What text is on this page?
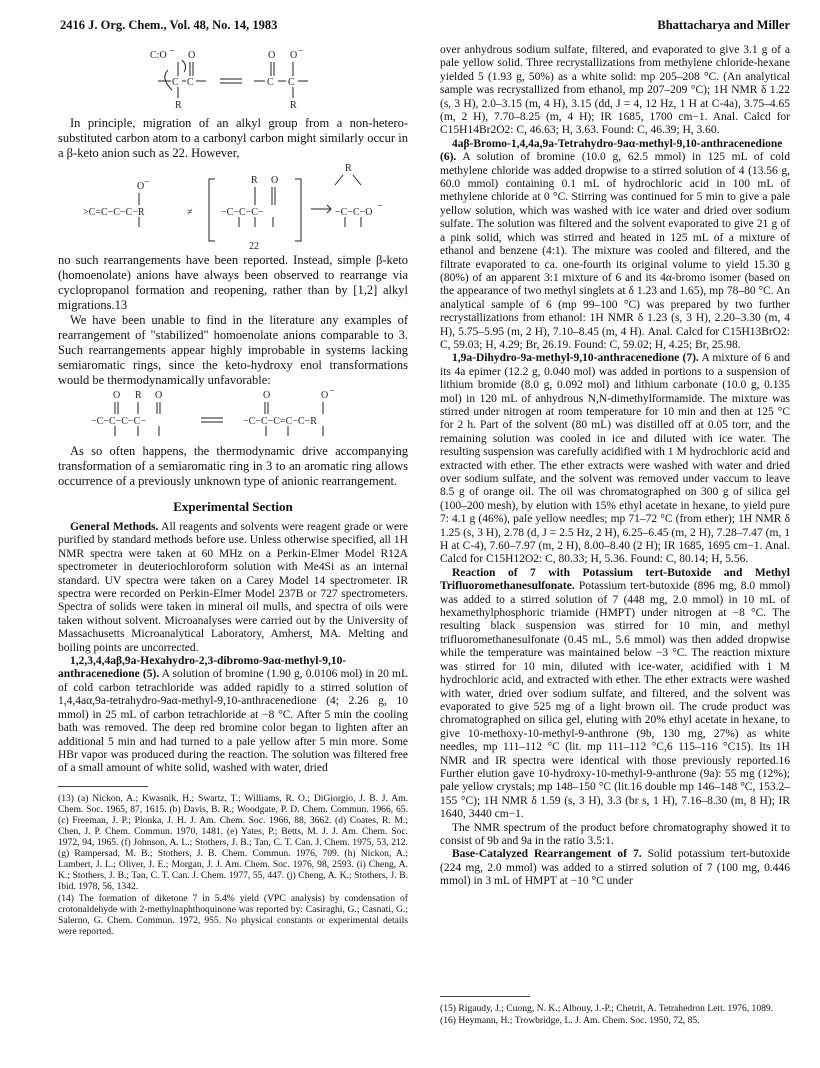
2416 J. Org. Chem., Vol. 48, No. 14, 1983	Bhattacharya and Miller
C:O − O
C C
R
O O −
C C
R

In principle, migration of an alkyl group from a non-hetero-substituted carbon atom to a carbonyl carbon might similarly occur in a β-keto anion such as 22. However,

R
O −
>C=C−C−C−R	≠
R O
−C−C−C−	−C−C−O
−
22

no such rearrangements have been reported. Instead, simple β-keto (homoenolate) anions have always been observed to rearrange via cyclopropanol formation and reopening, rather than by [1,2] alkyl migrations.13

We have been unable to find in the literature any examples of rearrangement of "stabilized" homoenolate anions comparable to 3. Such rearrangements appear highly improbable in systems lacking semiaromatic rings, since the keto-hydroxy enol transformations would be thermodynamically unfavorable:

O R O
−C−C−C−C−
O	O −
−C−C−C=C−C−R

As so often happens, the thermodynamic drive accompanying transformation of a semiaromatic ring in 3 to an aromatic ring allows occurrence of a previously unknown type of anionic rearrangement.

Experimental Section

General Methods. All reagents and solvents were reagent grade or were purified by standard methods before use. Unless otherwise specified, all 1H NMR spectra were taken at 60 MHz on a Perkin-Elmer Model R12A spectrometer in deuteriochloroform solution with Me4Si as an internal standard. UV spectra were taken on a Carey Model 14 spectrometer. IR spectra were recorded on Perkin-Elmer Model 237B or 727 spectrometers. Spectra of solids were taken in mineral oil mulls, and spectra of oils were taken without solvent. Microanalyses were carried out by the University of Massachusetts Microanalytical Laboratory, Amherst, MA. Melting and boiling points are uncorrected.

1,2,3,4,4aβ,9a-Hexahydro-2,3-dibromo-9aα-methyl-9,10-anthracenedione (5). A solution of bromine (1.90 g, 0.0106 mol) in 20 mL of cold carbon tetrachloride was added rapidly to a stirred solution of 1,4,4aα,9a-tetrahydro-9aα-methyl-9,10-anthracenedione (4; 2.26 g, 10 mmol) in 25 mL of carbon tetrachloride at −8 °C. After 5 min the cooling bath was removed. The deep red bromine color began to lighten after an additional 5 min and had turned to a pale yellow after 5 min more. Some HBr vapor was produced during the reaction. The solution was filtered free of a small amount of white solid, washed with water, dried

(13) (a) Nickon, A.; Kwasnik, H.; Swartz, T.; Williams, R. O.; DiGiorgio, J. B. J. Am. Chem. Soc. 1965, 87, 1615. (b) Davis, B. R.; Woodgate, P. D. Chem. Commun. 1966, 65. (c) Freeman, J. P.; Plonka, J. H. J. Am. Chem. Soc. 1966, 88, 3662. (d) Coates, R. M.; Chen, J. P. Chem. Commun. 1970, 1481. (e) Yates, P.; Betts, M. J. J. Am. Chem. Soc. 1972, 94, 1965. (f) Johnson, A. L.; Stothers, J. B.; Tan, C. T. Can. J. Chem. 1975, 53, 212. (g) Rampersad, M. B.; Stothers, J. B. Chem. Commun. 1976, 709. (h) Nickon, A.; Lambert, J. L.; Oliver, J. E.; Morgan, J. J. Am. Chem. Soc. 1976, 98, 2593. (i) Cheng, A. K.; Stothers, J. B.; Tan, C. T. Can. J. Chem. 1977, 55, 447. (j) Cheng, A. K.; Stothers, J. B. Ibid. 1978, 56, 1342.

(14) The formation of diketone 7 in 5.4% yield (VPC analysis) by condensation of crotonaldehyde with 2-methylnaphthoquinone was reported by: Casiraghi, G.; Casnati, G.; Salerno, G. Chem. Commun. 1972, 955. No physical constants or experimental details were reported.

over anhydrous sodium sulfate, filtered, and evaporated to give 3.1 g of a pale yellow solid. Three recrystallizations from methylene chloride-hexane yielded 5 (1.93 g, 50%) as a white solid: mp 205–208 °C. (An analytical sample was recrystallized from ethanol, mp 207–209 °C); 1H NMR δ 1.22 (s, 3 H), 2.0–3.15 (m, 4 H), 3.15 (dd, J = 4, 12 Hz, 1 H at C-4a), 3.75–4.65 (m, 2 H), 7.70–8.25 (m, 4 H); IR 1685, 1700 cm−1. Anal. Calcd for C15H14Br2O2: C, 46.63; H, 3.63. Found: C, 46.39; H, 3.60.

4aβ-Bromo-1,4,4a,9a-Tetrahydro-9aα-methyl-9,10-anthracenedione (6). A solution of bromine (10.0 g, 62.5 mmol) in 125 mL of cold methylene chloride was added dropwise to a stirred solution of 4 (13.56 g, 60.0 mmol) containing 0.1 mL of hydrochloric acid in 100 mL of methylene chloride at 0 °C. Stirring was continued for 5 min to give a pale yellow solution, which was washed with ice water and dried over sodium sulfate. The solution was filtered and the solvent evaporated to give 21 g of a pink solid, which was stirred and heated in 125 mL of a mixture of ethanol and benzene (4:1). The mixture was cooled and filtered, and the filtrate evaporated to ca. one-fourth its original volume to yield 15.30 g (80%) of an apparent 3:1 mixture of 6 and its 4α-bromo isomer (based on the appearance of two methyl singlets at δ 1.23 and 1.65), mp 78–80 °C. An analytical sample of 6 (mp 99–100 °C) was prepared by two further recrystallizations from ethanol: 1H NMR δ 1.23 (s, 3 H), 2.20–3.30 (m, 4 H), 5.75–5.95 (m, 2 H), 7.10–8.45 (m, 4 H). Anal. Calcd for C15H13BrO2: C, 59.03; H, 4.29; Br, 26.19. Found: C, 59.02; H, 4.25; Br, 25.98.

1,9a-Dihydro-9a-methyl-9,10-anthracenedione (7). A mixture of 6 and its 4a epimer (12.2 g, 0.040 mol) was added in portions to a suspension of lithium bromide (8.0 g, 0.092 mol) and lithium carbonate (10.0 g, 0.135 mol) in 120 mL of anhydrous N,N-dimethylformamide. The mixture was stirred under nitrogen at room temperature for 10 min and then at 125 °C for 2 h. Part of the solvent (80 mL) was distilled off at 0.05 torr, and the remaining solution was cooled in ice and diluted with ice water. The resulting suspension was carefully acidified with 1 M hydrochloric acid and extracted with ether. The ether extracts were washed with water and dried over sodium sulfate, and the solvent was removed under vaccum to leave 8.5 g of orange oil. The oil was chromatographed on 300 g of silica gel (100–200 mesh), by elution with 15% ethyl acetate in hexane, to yield pure 7: 4.1 g (46%), pale yellow needles; mp 71–72 °C (from ether); 1H NMR δ 1.25 (s, 3 H), 2.78 (d, J = 2.5 Hz, 2 H), 6.25–6.45 (m, 2 H), 7.28–7.47 (m, 1 H at C-4), 7.60–7.97 (m, 2 H), 8.00–8.40 (2 H); IR 1685, 1695 cm−1. Anal. Calcd for C15H12O2: C, 80.33; H, 5.36. Found: C, 80.14; H, 5.56.

Reaction of 7 with Potassium tert-Butoxide and Methyl Trifluoromethanesulfonate. Potassium tert-butoxide (896 mg, 8.0 mmol) was added to a stirred solution of 7 (448 mg, 2.0 mmol) in 10 mL of hexamethylphosphoric triamide (HMPT) under nitrogen at −8 °C. The resulting black suspension was stirred for 10 min, and methyl trifluoromethanesulfonate (0.45 mL, 5.6 mmol) was then added dropwise while the temperature was maintained below −3 °C. The reaction mixture was stirred for 10 min, diluted with ice-water, acidified with 1 M hydrochloric acid, and extracted with ether. The ether extracts were washed with water, dried over sodium sulfate, and filtered, and the solvent was evaporated to give 525 mg of a light brown oil. The crude product was chromatographed on silica gel, eluting with 20% ethyl acetate in hexane, to give 10-methoxy-10-methyl-9-anthrone (9b, 130 mg, 27%) as white needles, mp 111–112 °C (lit. mp 111–112 °C,6 115–116 °C15). Its 1H NMR and IR spectra were identical with those previously reported.16 Further elution gave 10-hydroxy-10-methyl-9-anthrone (9a): 55 mg (12%); pale yellow crystals; mp 148–150 °C (lit.16 double mp 146–148 °C, 153.2–155 °C); 1H NMR δ 1.59 (s, 3 H), 3.3 (br s, 1 H), 7.16–8.30 (m, 8 H); IR 1640, 3440 cm−1.

The NMR spectrum of the product before chromatography showed it to consist of 9b and 9a in the ratio 3.5:1.

Base-Catalyzed Rearrangement of 7. Solid potassium tert-butoxide (224 mg, 2.0 mmol) was added to a stirred solution of 7 (100 mg, 0.446 mmol) in 3 mL of HMPT at −10 °C under

(15) Rigaudy, J.; Cuong, N. K.; Albouy, J.-P.; Chetrit, A. Tetrahedron Lett. 1976, 1089.

(16) Heymann, H.; Trowbridge, L. J. Am. Chem. Soc. 1950, 72, 85.
